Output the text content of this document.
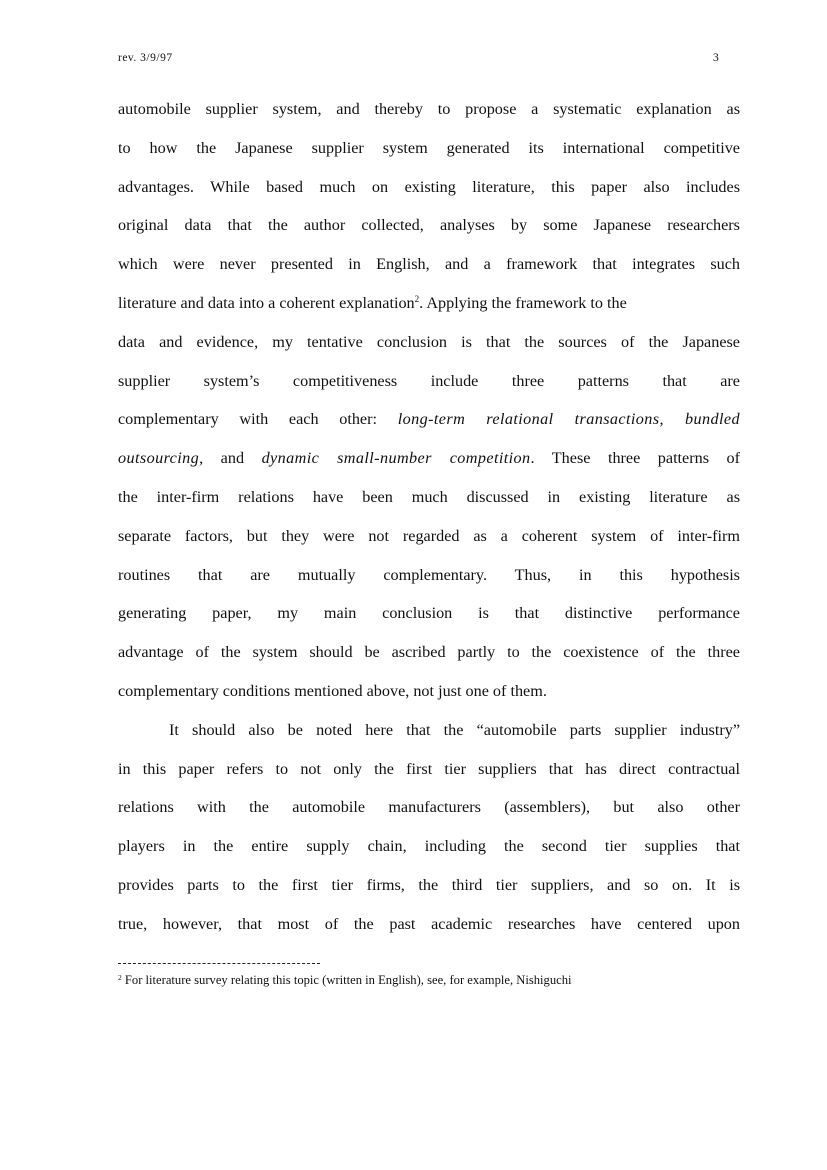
rev. 3/9/97	3
automobile supplier system, and thereby to propose a systematic explanation as
to how the Japanese supplier system generated its international competitive
advantages. While based much on existing literature, this paper also includes
original data that the author collected, analyses by some Japanese researchers
which were never presented in English, and a framework that integrates such
literature and data into a coherent explanation$^2$. Applying the framework to the
data and evidence, my tentative conclusion is that the sources of the Japanese
supplier system’s competitiveness include three patterns that are
complementary with each other: long-term relational transactions, bundled
outsourcing, and dynamic small-number competition. These three patterns of
the inter-firm relations have been much discussed in existing literature as
separate factors, but they were not regarded as a coherent system of inter-firm
routines that are mutually complementary. Thus, in this hypothesis
generating paper, my main conclusion is that distinctive performance
advantage of the system should be ascribed partly to the coexistence of the three
complementary conditions mentioned above, not just one of them.
It should also be noted here that the “automobile parts supplier industry”
in this paper refers to not only the first tier suppliers that has direct contractual
relations with the automobile manufacturers (assemblers), but also other
players in the entire supply chain, including the second tier supplies that
provides parts to the first tier firms, the third tier suppliers, and so on. It is
true, however, that most of the past academic researches have centered upon
$^2$ For literature survey relating this topic (written in English), see, for example, Nishiguchi
